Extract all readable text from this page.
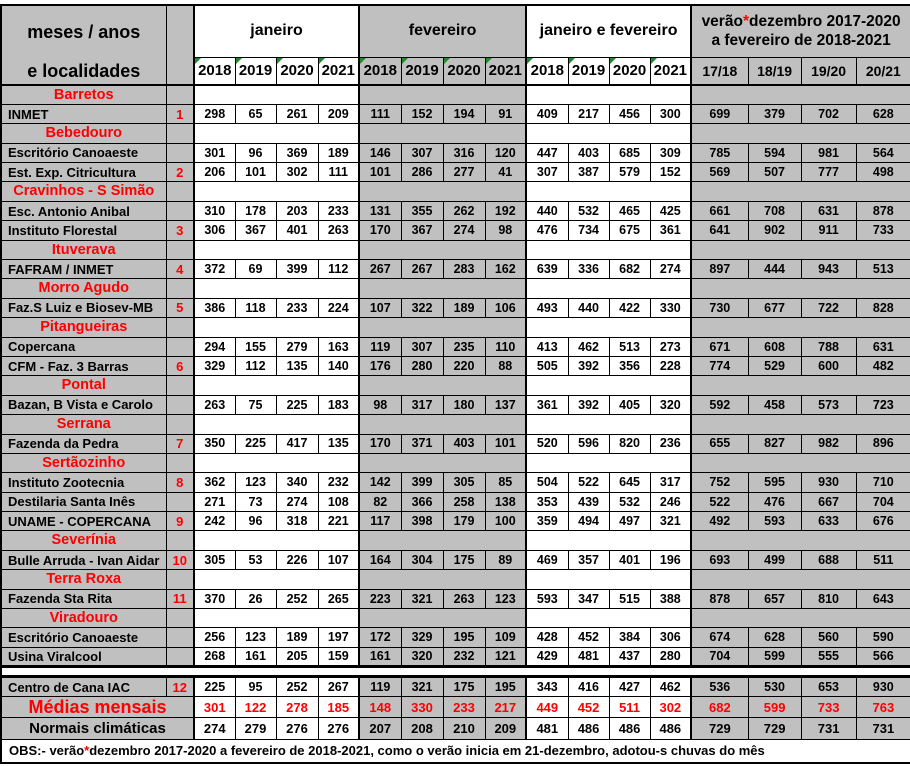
meses / anos		janeiro				fevereiro				janeiro e fevereiro				verão*dezembro 2017-2020
a fevereiro de 2018-2021			

e localidades		2018	2019	2020	2021	2018	2019	2020	2021	2018	2019	2020	2021	17/18	18/19	19/20	20/21
Barretos																	
INMET	1	298	65	261	209	111	152	194	91	409	217	456	300	699	379	702	628
Bebedouro																	
Escritório Canoaeste		301	96	369	189	146	307	316	120	447	403	685	309	785	594	981	564
Est. Exp. Citricultura	2	206	101	302	111	101	286	277	41	307	387	579	152	569	507	777	498
Cravinhos - S Simão																	
Esc. Antonio Anibal		310	178	203	233	131	355	262	192	440	532	465	425	661	708	631	878
Instituto Florestal	3	306	367	401	263	170	367	274	98	476	734	675	361	641	902	911	733
Ituverava																	
FAFRAM / INMET	4	372	69	399	112	267	267	283	162	639	336	682	274	897	444	943	513
Morro Agudo																	
Faz.S Luiz e Biosev-MB	5	386	118	233	224	107	322	189	106	493	440	422	330	730	677	722	828
Pitangueiras																	
Copercana		294	155	279	163	119	307	235	110	413	462	513	273	671	608	788	631
CFM - Faz. 3 Barras	6	329	112	135	140	176	280	220	88	505	392	356	228	774	529	600	482
Pontal																	
Bazan, B Vista e Carolo		263	75	225	183	98	317	180	137	361	392	405	320	592	458	573	723
Serrana																	
Fazenda da Pedra	7	350	225	417	135	170	371	403	101	520	596	820	236	655	827	982	896
Sertãozinho																	
Instituto Zootecnia	8	362	123	340	232	142	399	305	85	504	522	645	317	752	595	930	710
Destilaria Santa Inês		271	73	274	108	82	366	258	138	353	439	532	246	522	476	667	704
UNAME - COPERCANA	9	242	96	318	221	117	398	179	100	359	494	497	321	492	593	633	676
Severínia																	
Bulle Arruda - Ivan Aidar	10	305	53	226	107	164	304	175	89	469	357	401	196	693	499	688	511
Terra Roxa																	
Fazenda Sta Rita	11	370	26	252	265	223	321	263	123	593	347	515	388	878	657	810	643
Viradouro																	
Escritório Canoaeste		256	123	189	197	172	329	195	109	428	452	384	306	674	628	560	590
Usina Viralcool		268	161	205	159	161	320	232	121	429	481	437	280	704	599	555	566

Centro de Cana IAC	12	225	95	252	267	119	321	175	195	343	416	427	462	536	530	653	930
Médias mensais		301	122	278	185	148	330	233	217	449	452	511	302	682	599	733	763
Normais climáticas		274	279	276	276	207	208	210	209	481	486	486	486	729	729	731	731
OBS:- verão*dezembro 2017-2020 a fevereiro de 2018-2021, como o verão inicia em 21-dezembro, adotou-s chuvas do mês																	
